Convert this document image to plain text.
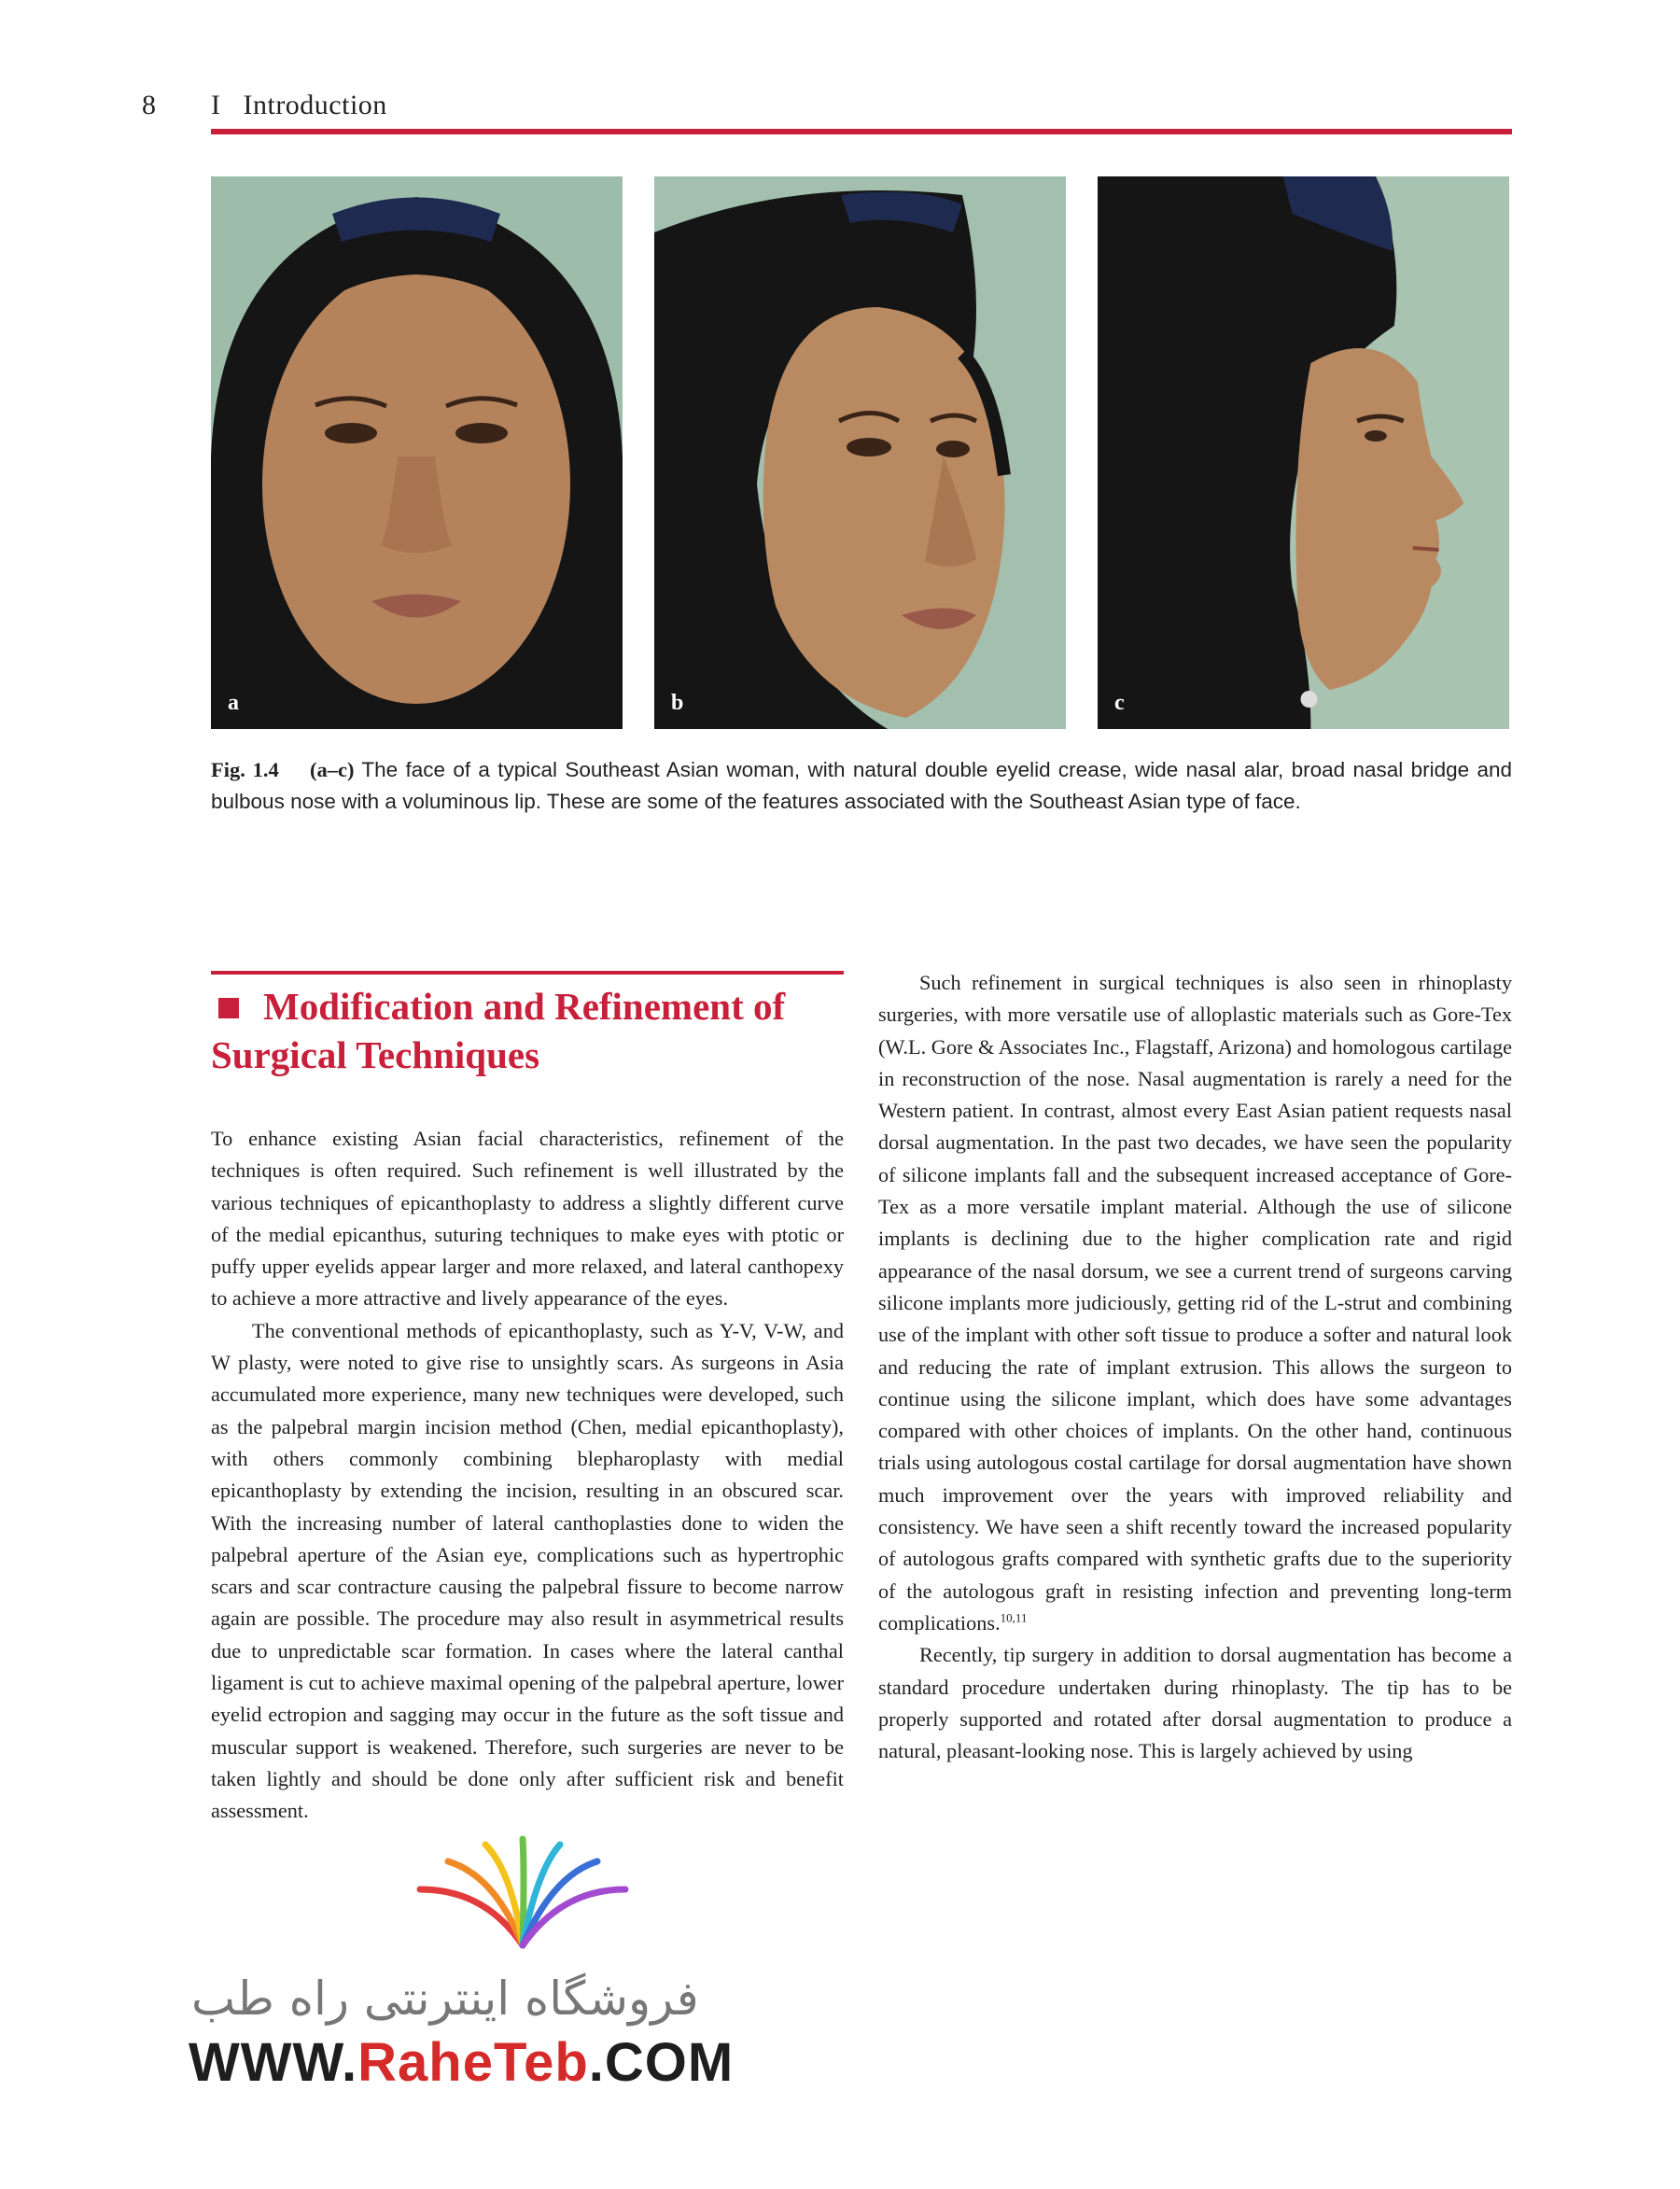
8 I   Introduction
a	b	c
Fig. 1.4 (a–c) The face of a typical Southeast Asian woman, with natural double eyelid crease, wide nasal alar, broad nasal bridge and bulbous nose with a voluminous lip. These are some of the features associated with the Southeast Asian type of face.
Modification and Refinement of Surgical Techniques

To enhance existing Asian facial characteristics, refinement of the techniques is often required. Such refinement is well illustrated by the various techniques of epicanthoplasty to address a slightly different curve of the medial epicanthus, suturing techniques to make eyes with ptotic or puffy upper eyelids appear larger and more relaxed, and lateral canthopexy to achieve a more attractive and lively appearance of the eyes.

The conventional methods of epicanthoplasty, such as Y-V, V-W, and W plasty, were noted to give rise to unsightly scars. As surgeons in Asia accumulated more experience, many new techniques were developed, such as the palpebral margin incision method (Chen, medial epicanthoplasty), with others commonly combining blepharoplasty with medial epicanthoplasty by extending the incision, resulting in an obscured scar. With the increasing number of lateral canthoplasties done to widen the palpebral aperture of the Asian eye, complications such as hypertrophic scars and scar contracture causing the palpebral fissure to become narrow again are possible. The procedure may also result in asymmetrical results due to unpredictable scar formation. In cases where the lateral canthal ligament is cut to achieve maximal opening of the palpebral aperture, lower eyelid ectropion and sagging may occur in the future as the soft tissue and muscular support is weakened. Therefore, such surgeries are never to be taken lightly and should be done only after sufficient risk and benefit assessment.

Such refinement in surgical techniques is also seen in rhinoplasty surgeries, with more versatile use of alloplastic materials such as Gore-Tex (W.L. Gore & Associates Inc., Flagstaff, Arizona) and homologous cartilage in reconstruction of the nose. Nasal augmentation is rarely a need for the Western patient. In contrast, almost every East Asian patient requests nasal dorsal augmentation. In the past two decades, we have seen the popularity of silicone implants fall and the subsequent increased acceptance of Gore-Tex as a more versatile implant material. Although the use of silicone implants is declining due to the higher complication rate and rigid appearance of the nasal dorsum, we see a current trend of surgeons carving silicone implants more judiciously, getting rid of the L-strut and combining use of the implant with other soft tissue to produce a softer and natural look and reducing the rate of implant extrusion. This allows the surgeon to continue using the silicone implant, which does have some advantages compared with other choices of implants. On the other hand, continuous trials using autologous costal cartilage for dorsal augmentation have shown much improvement over the years with improved reliability and consistency. We have seen a shift recently toward the increased popularity of autologous grafts compared with synthetic grafts due to the superiority of the autologous graft in resisting infection and preventing long-term complications.$^{10,11}$

Recently, tip surgery in addition to dorsal augmentation has become a standard procedure undertaken during rhinoplasty. The tip has to be properly supported and rotated after dorsal augmentation to produce a natural, pleasant-looking nose. This is largely achieved by using

فروشگاه اینترنتی راه طب
WWW.RaheTeb.COM
